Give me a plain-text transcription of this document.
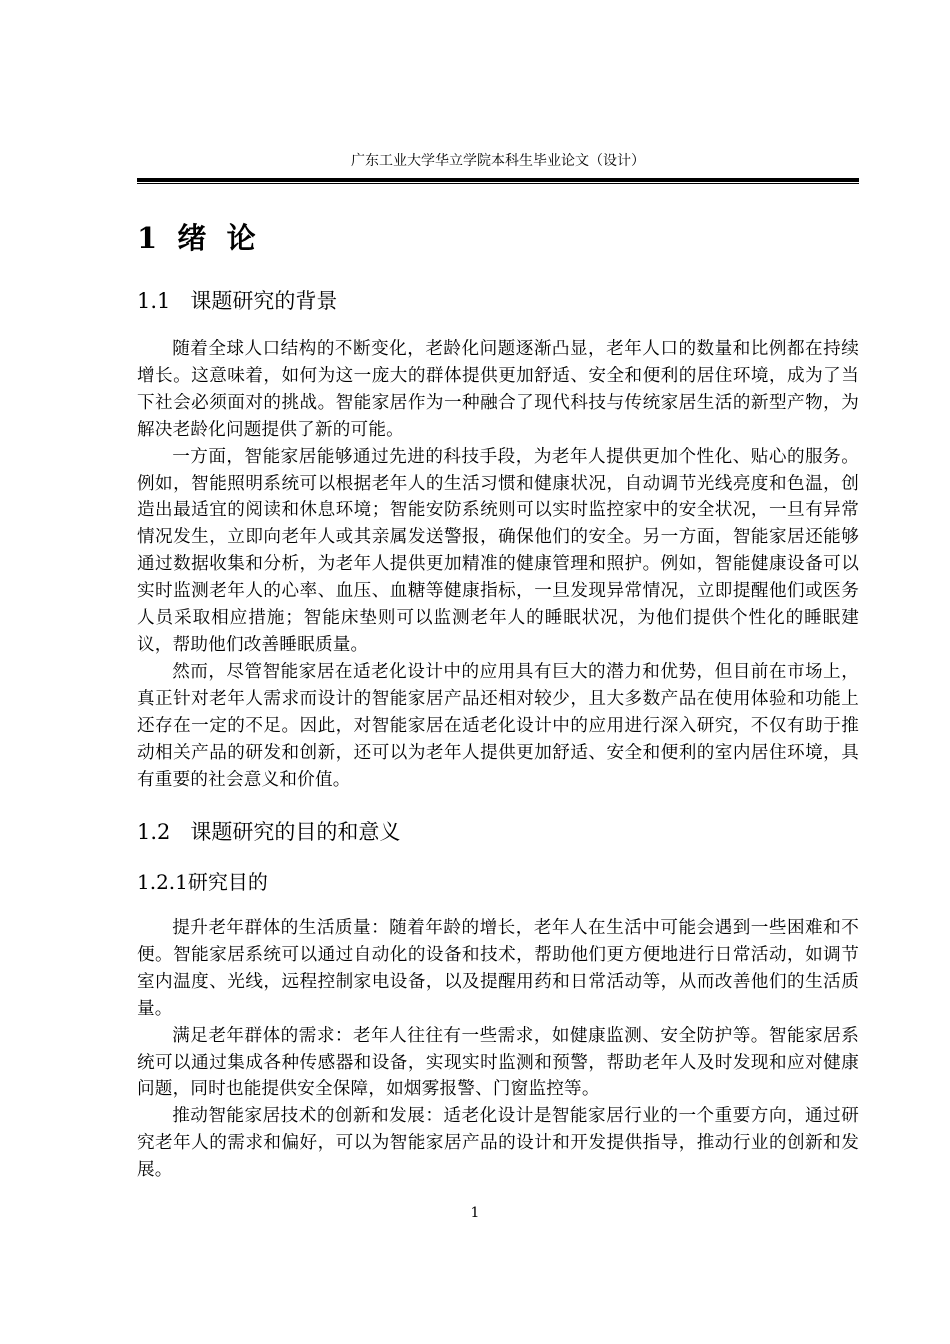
广东工业大学华立学院本科生毕业论文（设计）
1  绪  论
1.1   课题研究的背景

随着全球人口结构的不断变化，老龄化问题逐渐凸显，老年人口的数量和比例都在持续增长。这意味着，如何为这一庞大的群体提供更加舒适、安全和便利的居住环境，成为了当下社会必须面对的挑战。智能家居作为一种融合了现代科技与传统家居生活的新型产物，为解决老龄化问题提供了新的可能。

一方面，智能家居能够通过先进的科技手段，为老年人提供更加个性化、贴心的服务。例如，智能照明系统可以根据老年人的生活习惯和健康状况，自动调节光线亮度和色温，创造出最适宜的阅读和休息环境；智能安防系统则可以实时监控家中的安全状况，一旦有异常情况发生，立即向老年人或其亲属发送警报，确保他们的安全。另一方面，智能家居还能够通过数据收集和分析，为老年人提供更加精准的健康管理和照护。例如，智能健康设备可以实时监测老年人的心率、血压、血糖等健康指标，一旦发现异常情况，立即提醒他们或医务人员采取相应措施；智能床垫则可以监测老年人的睡眠状况，为他们提供个性化的睡眠建议，帮助他们改善睡眠质量。

然而，尽管智能家居在适老化设计中的应用具有巨大的潜力和优势，但目前在市场上，真正针对老年人需求而设计的智能家居产品还相对较少，且大多数产品在使用体验和功能上还存在一定的不足。因此，对智能家居在适老化设计中的应用进行深入研究，不仅有助于推动相关产品的研发和创新，还可以为老年人提供更加舒适、安全和便利的室内居住环境，具有重要的社会意义和价值。

1.2   课题研究的目的和意义
1.2.1研究目的

提升老年群体的生活质量：随着年龄的增长，老年人在生活中可能会遇到一些困难和不便。智能家居系统可以通过自动化的设备和技术，帮助他们更方便地进行日常活动，如调节室内温度、光线，远程控制家电设备，以及提醒用药和日常活动等，从而改善他们的生活质量。

满足老年群体的需求：老年人往往有一些需求，如健康监测、安全防护等。智能家居系统可以通过集成各种传感器和设备，实现实时监测和预警，帮助老年人及时发现和应对健康问题，同时也能提供安全保障，如烟雾报警、门窗监控等。

推动智能家居技术的创新和发展：适老化设计是智能家居行业的一个重要方向，通过研究老年人的需求和偏好，可以为智能家居产品的设计和开发提供指导，推动行业的创新和发展。

1
